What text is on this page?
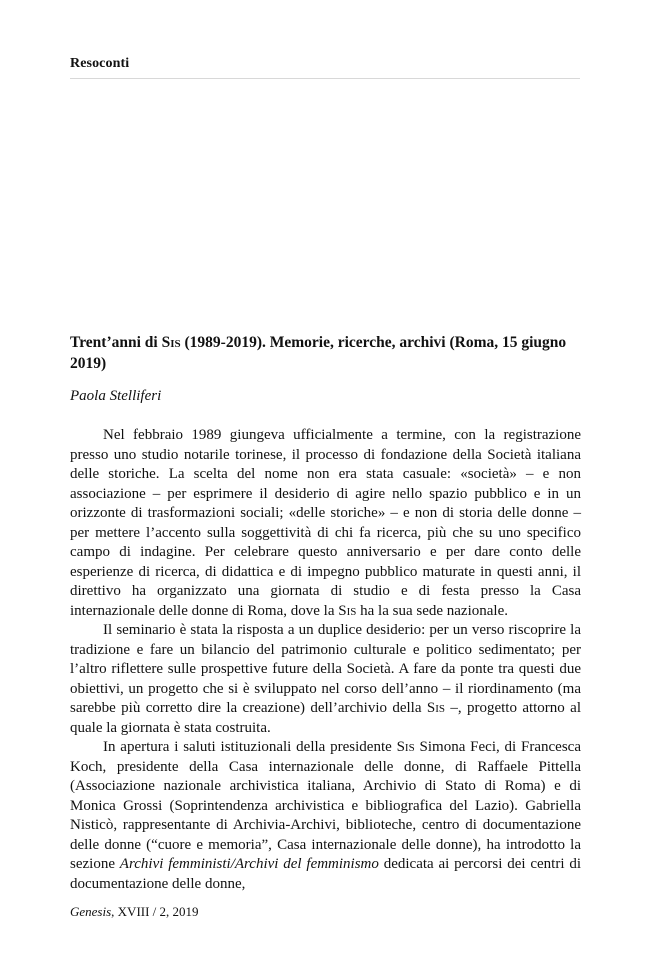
Resoconti
Trent’anni di Sis (1989-2019). Memorie, ricerche, archivi (Roma, 15 giugno 2019)
Paola Stelliferi

Nel febbraio 1989 giungeva ufficialmente a termine, con la registrazione presso uno studio notarile torinese, il processo di fondazione della Società italiana delle storiche. La scelta del nome non era stata casuale: «società» – e non associazione – per esprimere il desiderio di agire nello spazio pubblico e in un orizzonte di trasformazioni sociali; «delle storiche» – e non di storia delle donne – per mettere l’accento sulla soggettività di chi fa ricerca, più che su uno specifico campo di indagine. Per celebrare questo anniversario e per dare conto delle esperienze di ricerca, di didattica e di impegno pubblico maturate in questi anni, il direttivo ha organizzato una giornata di studio e di festa presso la Casa internazionale delle donne di Roma, dove la Sis ha la sua sede nazionale.

Il seminario è stata la risposta a un duplice desiderio: per un verso riscoprire la tradizione e fare un bilancio del patrimonio culturale e politico sedimentato; per l’altro riflettere sulle prospettive future della Società. A fare da ponte tra questi due obiettivi, un progetto che si è sviluppato nel corso dell’anno – il riordinamento (ma sarebbe più corretto dire la creazione) dell’archivio della Sis –, progetto attorno al quale la giornata è stata costruita.

In apertura i saluti istituzionali della presidente Sis Simona Feci, di Francesca Koch, presidente della Casa internazionale delle donne, di Raffaele Pittella (Associazione nazionale archivistica italiana, Archivio di Stato di Roma) e di Monica Grossi (Soprintendenza archivistica e bibliografica del Lazio). Gabriella Nisticò, rappresentante di Archivia-Archivi, biblioteche, centro di documentazione delle donne (“cuore e memoria”, Casa internazionale delle donne), ha introdotto la sezione Archivi femministi/Archivi del femminismo dedicata ai percorsi dei centri di documentazione delle donne,

Genesis, XVIII / 2, 2019
